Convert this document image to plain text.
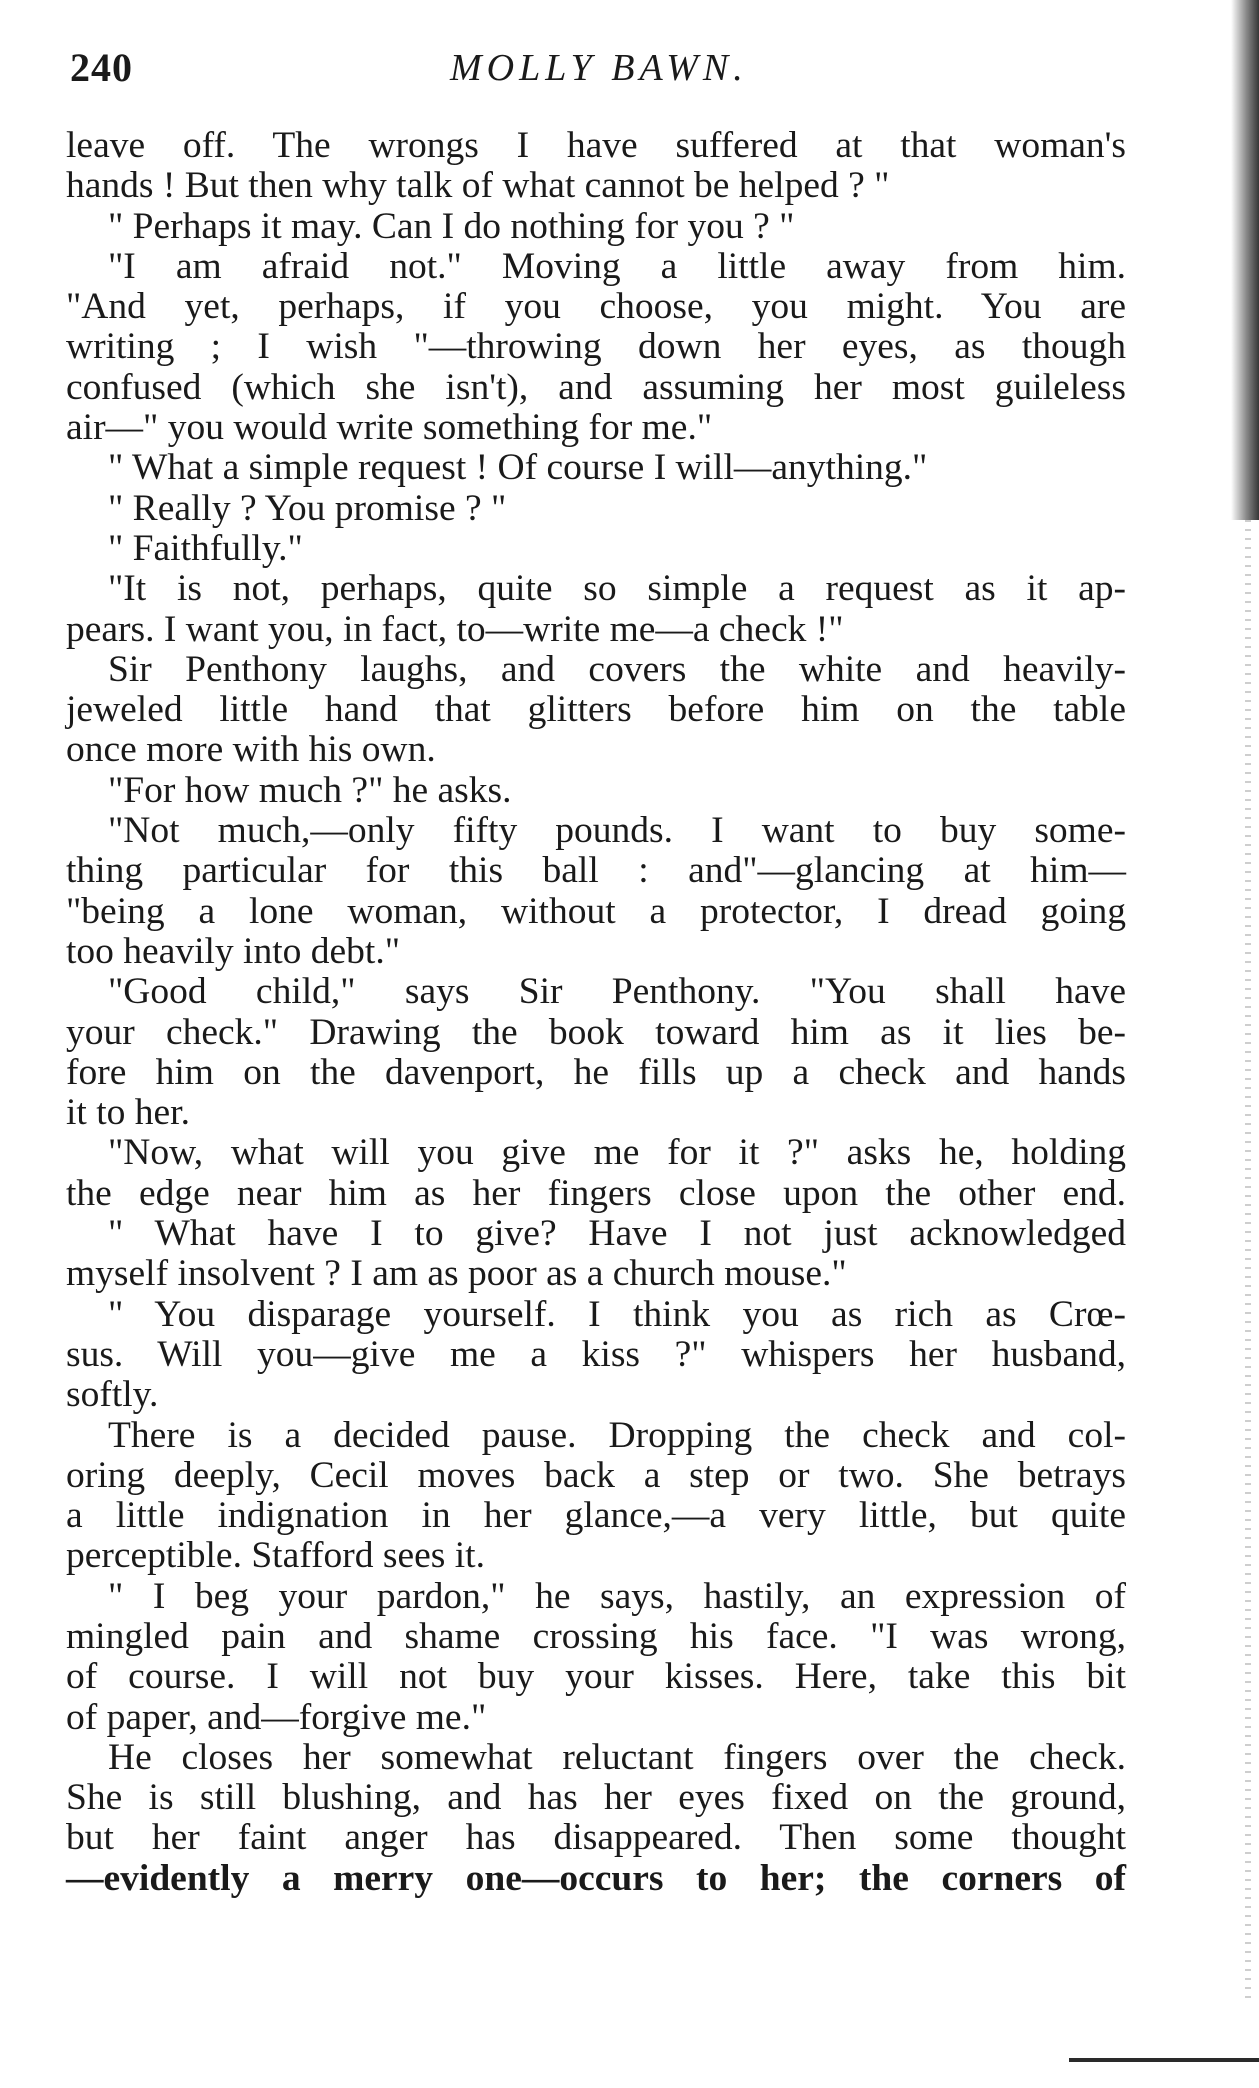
240	MOLLY BAWN.
leave off. The wrongs I have suffered at that woman's
hands ! But then why talk of what cannot be helped ? "
" Perhaps it may. Can I do nothing for you ? "
"I am afraid not." Moving a little away from him.
"And yet, perhaps, if you choose, you might. You are
writing ; I wish "—throwing down her eyes, as though
confused (which she isn't), and assuming her most guileless
air—" you would write something for me."
" What a simple request ! Of course I will—anything."
" Really ? You promise ? "
" Faithfully."
"It is not, perhaps, quite so simple a request as it ap-
pears. I want you, in fact, to—write me—a check !"
Sir Penthony laughs, and covers the white and heavily-
jeweled little hand that glitters before him on the table
once more with his own.
"For how much ?" he asks.
"Not much,—only fifty pounds. I want to buy some-
thing particular for this ball : and"—glancing at him—
"being a lone woman, without a protector, I dread going
too heavily into debt."
"Good child," says Sir Penthony. "You shall have
your check." Drawing the book toward him as it lies be-
fore him on the davenport, he fills up a check and hands
it to her.
"Now, what will you give me for it ?" asks he, holding
the edge near him as her fingers close upon the other end.
" What have I to give? Have I not just acknowledged
myself insolvent ? I am as poor as a church mouse."
" You disparage yourself. I think you as rich as Crœ-
sus. Will you—give me a kiss ?" whispers her husband,
softly.
There is a decided pause. Dropping the check and col-
oring deeply, Cecil moves back a step or two. She betrays
a little indignation in her glance,—a very little, but quite
perceptible. Stafford sees it.
" I beg your pardon," he says, hastily, an expression of
mingled pain and shame crossing his face. "I was wrong,
of course. I will not buy your kisses. Here, take this bit
of paper, and—forgive me."
He closes her somewhat reluctant fingers over the check.
She is still blushing, and has her eyes fixed on the ground,
but her faint anger has disappeared. Then some thought
—evidently a merry one—occurs to her; the corners of
